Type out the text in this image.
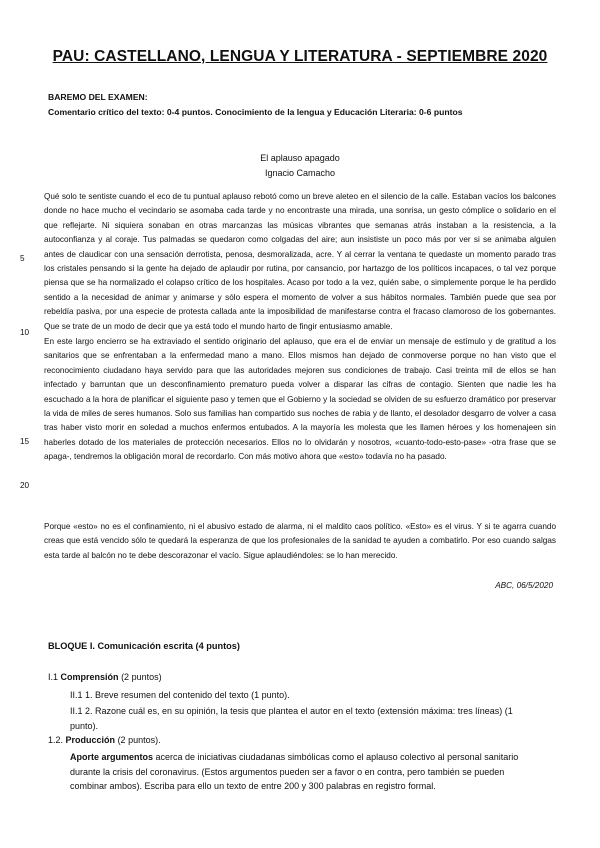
PAU: CASTELLANO, LENGUA Y LITERATURA - SEPTIEMBRE 2020
BAREMO DEL EXAMEN:
Comentario crítico del texto: 0-4 puntos. Conocimiento de la lengua y Educación Literaria: 0-6 puntos
El aplauso apagado
Ignacio Camacho
Qué solo te sentiste cuando el eco de tu puntual aplauso rebotó como un breve aleteo en el silencio de la calle. Estaban vacíos los balcones donde no hace mucho el vecindario se asomaba cada tarde y no encontraste una mirada, una sonrisa, un gesto cómplice o solidario en el que reflejarte. Ni siquiera sonaban en otras marcanzas las músicas vibrantes que semanas atrás instaban a la resistencia, a la autoconfianza y al coraje. Tus palmadas se quedaron como colgadas del aire; aun insististe un poco más por ver si se animaba alguien antes de claudicar con una sensación derrotista, penosa, desmoralizada, acre. Y al cerrar la ventana te quedaste un momento parado tras los cristales pensando si la gente ha dejado de aplaudir por rutina, por cansancio, por hartazgo de los políticos incapaces, o tal vez porque piensa que se ha normalizado el colapso crítico de los hospitales. Acaso por todo a la vez, quién sabe, o simplemente porque le ha perdido sentido a la necesidad de animar y animarse y sólo espera el momento de volver a sus hábitos normales. También puede que sea por rebeldía pasiva, por una especie de protesta callada ante la imposibilidad de manifestarse contra el fracaso clamoroso de los gobernantes. Que se trate de un modo de decir que ya está todo el mundo harto de fingir entusiasmo amable.
En este largo encierro se ha extraviado el sentido originario del aplauso, que era el de enviar un mensaje de estímulo y de gratitud a los sanitarios que se enfrentaban a la enfermedad mano a mano. Ellos mismos han dejado de conmoverse porque no han visto que el reconocimiento ciudadano haya servido para que las autoridades mejoren sus condiciones de trabajo. Casi treinta mil de ellos se han infectado y barruntan que un desconfinamiento prematuro pueda volver a disparar las cifras de contagio. Sienten que nadie les ha escuchado a la hora de planificar el siguiente paso y temen que el Gobierno y la sociedad se olviden de su esfuerzo dramático por preservar la vida de miles de seres humanos. Solo sus familias han compartido sus noches de rabia y de llanto, el desolador desgarro de volver a casa tras haber visto morir en soledad a muchos enfermos entubados. A la mayoría les molesta que les llamen héroes y los homenajeen sin haberles dotado de los materiales de protección necesarios. Ellos no lo olvidarán y nosotros, «cuanto-todo-esto-pase» -otra frase que se apaga-, tendremos la obligación moral de recordarlo. Con más motivo ahora que «esto» todavía no ha pasado.
Porque «esto» no es el confinamiento, ni el abusivo estado de alarma, ni el maldito caos político. «Esto» es el virus. Y si te agarra cuando creas que está vencido sólo te quedará la esperanza de que los profesionales de la sanidad te ayuden a combatirlo. Por eso cuando salgas esta tarde al balcón no te debe descorazonar el vacío. Sigue aplaudiéndoles: se lo han merecido.
5
10
15
20
ABC, 06/5/2020
BLOQUE I. Comunicación escrita (4 puntos)
I.1 Comprensión (2 puntos)
II.1 1. Breve resumen del contenido del texto (1 punto).
II.1 2. Razone cuál es, en su opinión, la tesis que plantea el autor en el texto (extensión máxima: tres líneas) (1 punto).
1.2. Producción (2 puntos).
Aporte argumentos acerca de iniciativas ciudadanas simbólicas como el aplauso colectivo al personal sanitario durante la crisis del coronavirus. (Estos argumentos pueden ser a favor o en contra, pero también se pueden combinar ambos). Escriba para ello un texto de entre 200 y 300 palabras en registro formal.
